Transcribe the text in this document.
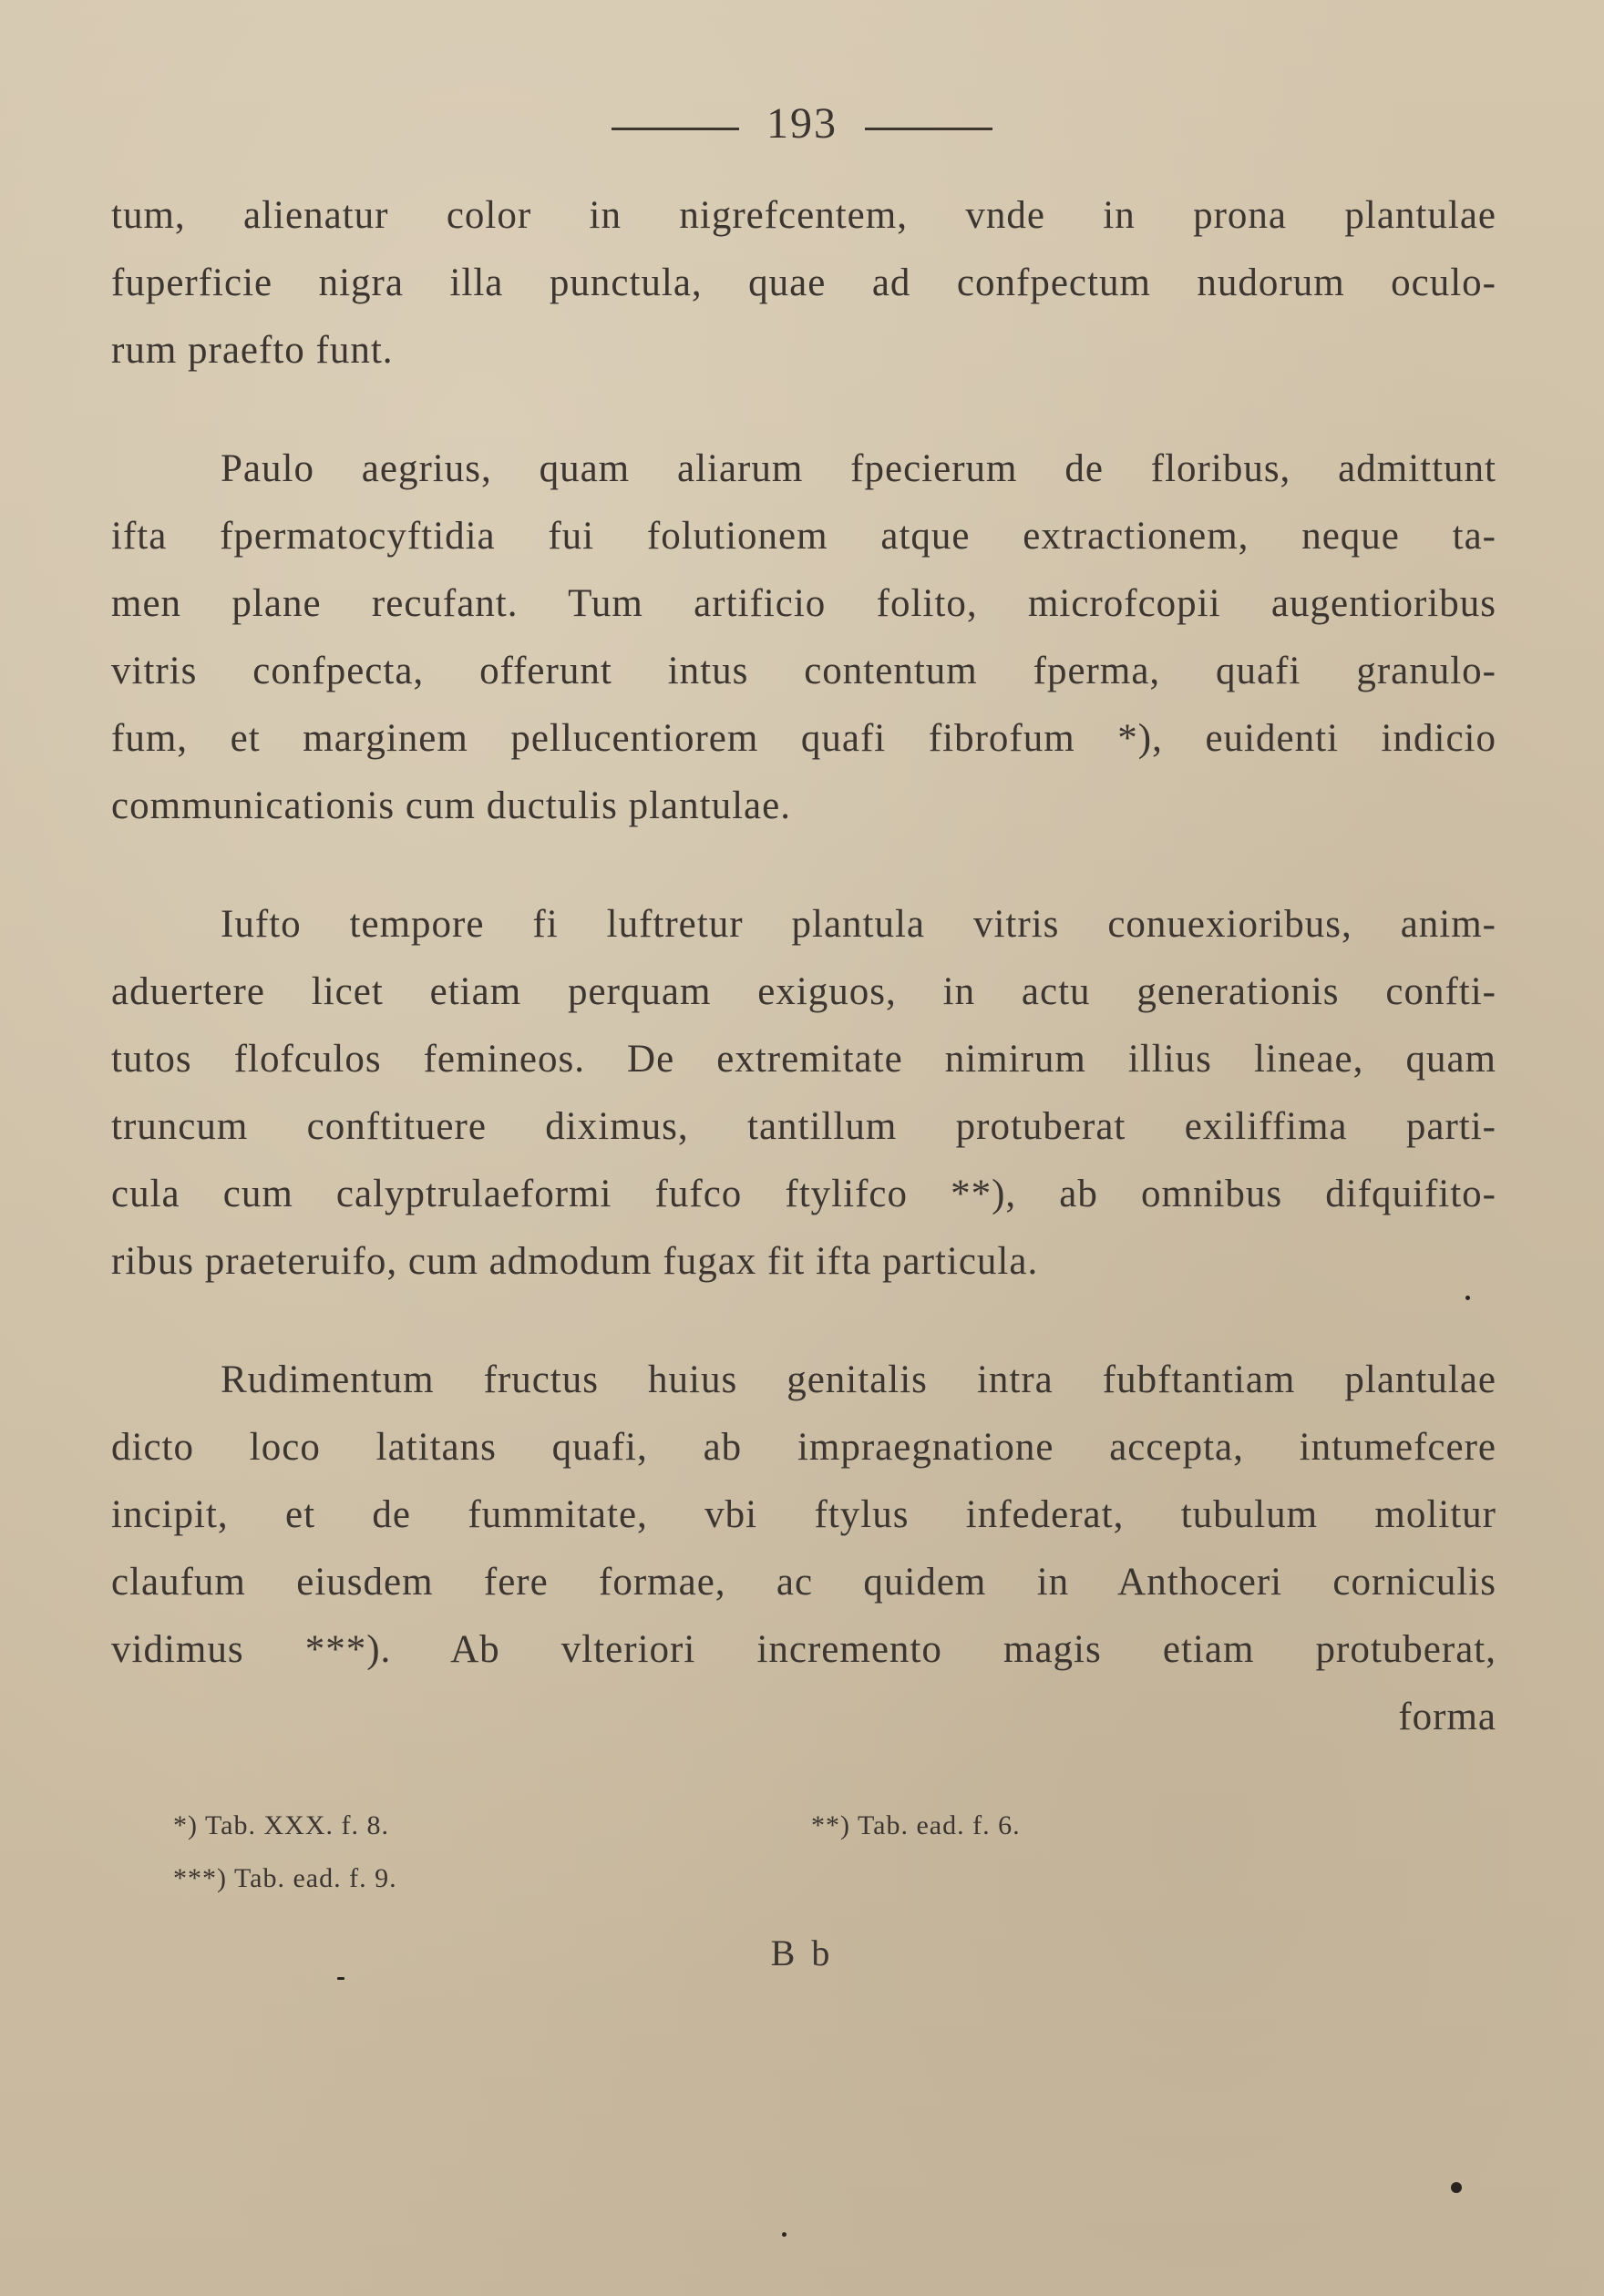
193
tum, alienatur color in nigrefcentem, vnde in prona plantulae
fuperficie nigra illa punctula, quae ad confpectum nudorum oculo-
rum praefto funt.
Paulo aegrius, quam aliarum fpecierum de floribus, admittunt
ifta fpermatocyftidia fui folutionem atque extractionem, neque ta-
men plane recufant. Tum artificio folito, microfcopii augentioribus
vitris confpecta, offerunt intus contentum fperma, quafi granulo-
fum, et marginem pellucentiorem quafi fibrofum *), euidenti indicio
communicationis cum ductulis plantulae.
Iufto tempore fi luftretur plantula vitris conuexioribus, anim-
aduertere licet etiam perquam exiguos, in actu generationis confti-
tutos flofculos femineos. De extremitate nimirum illius lineae, quam
truncum conftituere diximus, tantillum protuberat exiliffima parti-
cula cum calyptrulaeformi fufco ftylifco **), ab omnibus difquifito-
ribus praeteruifo, cum admodum fugax fit ifta particula.
Rudimentum fructus huius genitalis intra fubftantiam plantulae
dicto loco latitans quafi, ab impraegnatione accepta, intumefcere
incipit, et de fummitate, vbi ftylus infederat, tubulum molitur
claufum eiusdem fere formae, ac quidem in Anthoceri corniculis
vidimus ***). Ab vlteriori incremento magis etiam protuberat,
forma
*) Tab. XXX. f. 8.	**) Tab. ead. f. 6.
***) Tab. ead. f. 9.
B b
